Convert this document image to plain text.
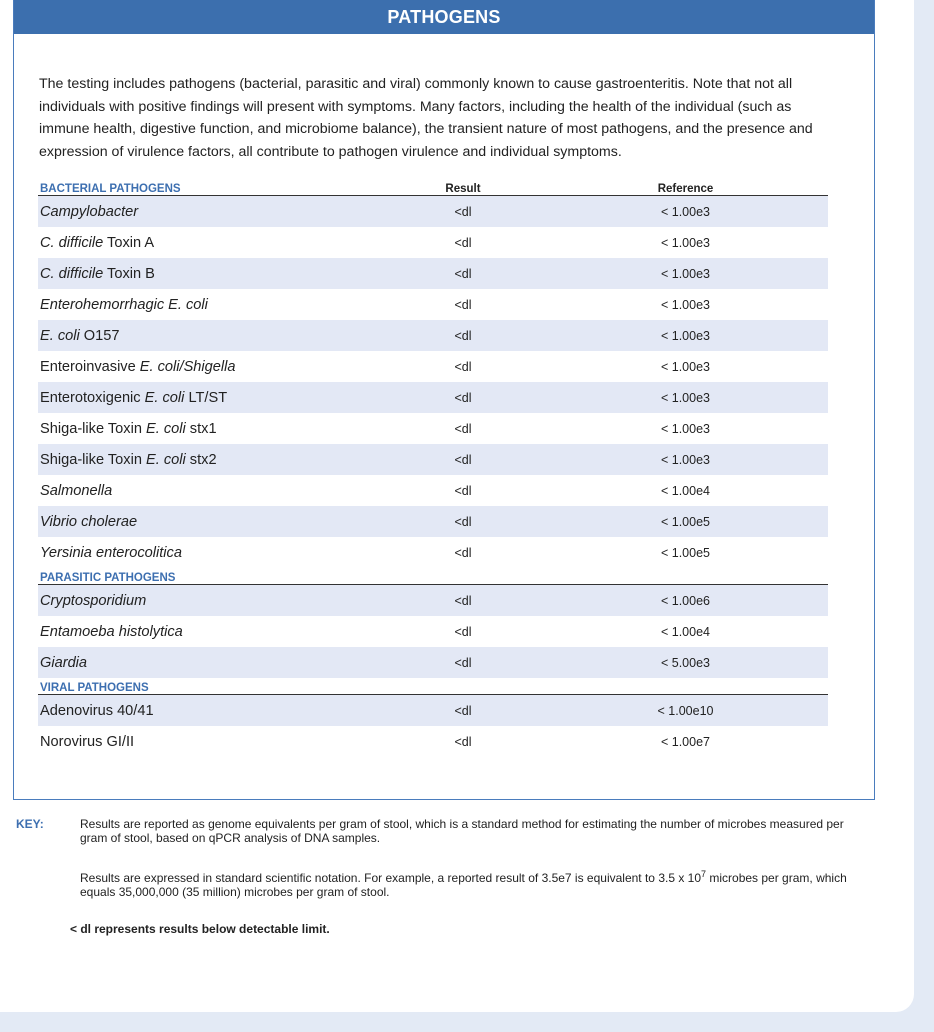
PATHOGENS
The testing includes pathogens (bacterial, parasitic and viral) commonly known to cause gastroenteritis. Note that not all individuals with positive findings will present with symptoms. Many factors, including the health of the individual (such as immune health, digestive function, and microbiome balance), the transient nature of most pathogens, and the presence and expression of virulence factors, all contribute to pathogen virulence and individual symptoms.
BACTERIAL PATHOGENS	Result	Reference
Campylobacter	<dl	< 1.00e3
C. difficile Toxin A	<dl	< 1.00e3
C. difficile Toxin B	<dl	< 1.00e3
Enterohemorrhagic E. coli	<dl	< 1.00e3
E. coli O157	<dl	< 1.00e3
Enteroinvasive E. coli/Shigella	<dl	< 1.00e3
Enterotoxigenic E. coli LT/ST	<dl	< 1.00e3
Shiga-like Toxin E. coli stx1	<dl	< 1.00e3
Shiga-like Toxin E. coli stx2	<dl	< 1.00e3
Salmonella	<dl	< 1.00e4
Vibrio cholerae	<dl	< 1.00e5
Yersinia enterocolitica	<dl	< 1.00e5
PARASITIC PATHOGENS		
Cryptosporidium	<dl	< 1.00e6
Entamoeba histolytica	<dl	< 1.00e4
Giardia	<dl	< 5.00e3
VIRAL PATHOGENS		
Adenovirus 40/41	<dl	< 1.00e10
Norovirus GI/II	<dl	< 1.00e7
KEY:	Results are reported as genome equivalents per gram of stool, which is a standard method for estimating the number of microbes measured per gram of stool, based on qPCR analysis of DNA samples.
Results are expressed in standard scientific notation. For example, a reported result of 3.5e7 is equivalent to 3.5 x $10^7$ microbes per gram, which equals 35,000,000 (35 million) microbes per gram of stool.
< dl represents results below detectable limit.
